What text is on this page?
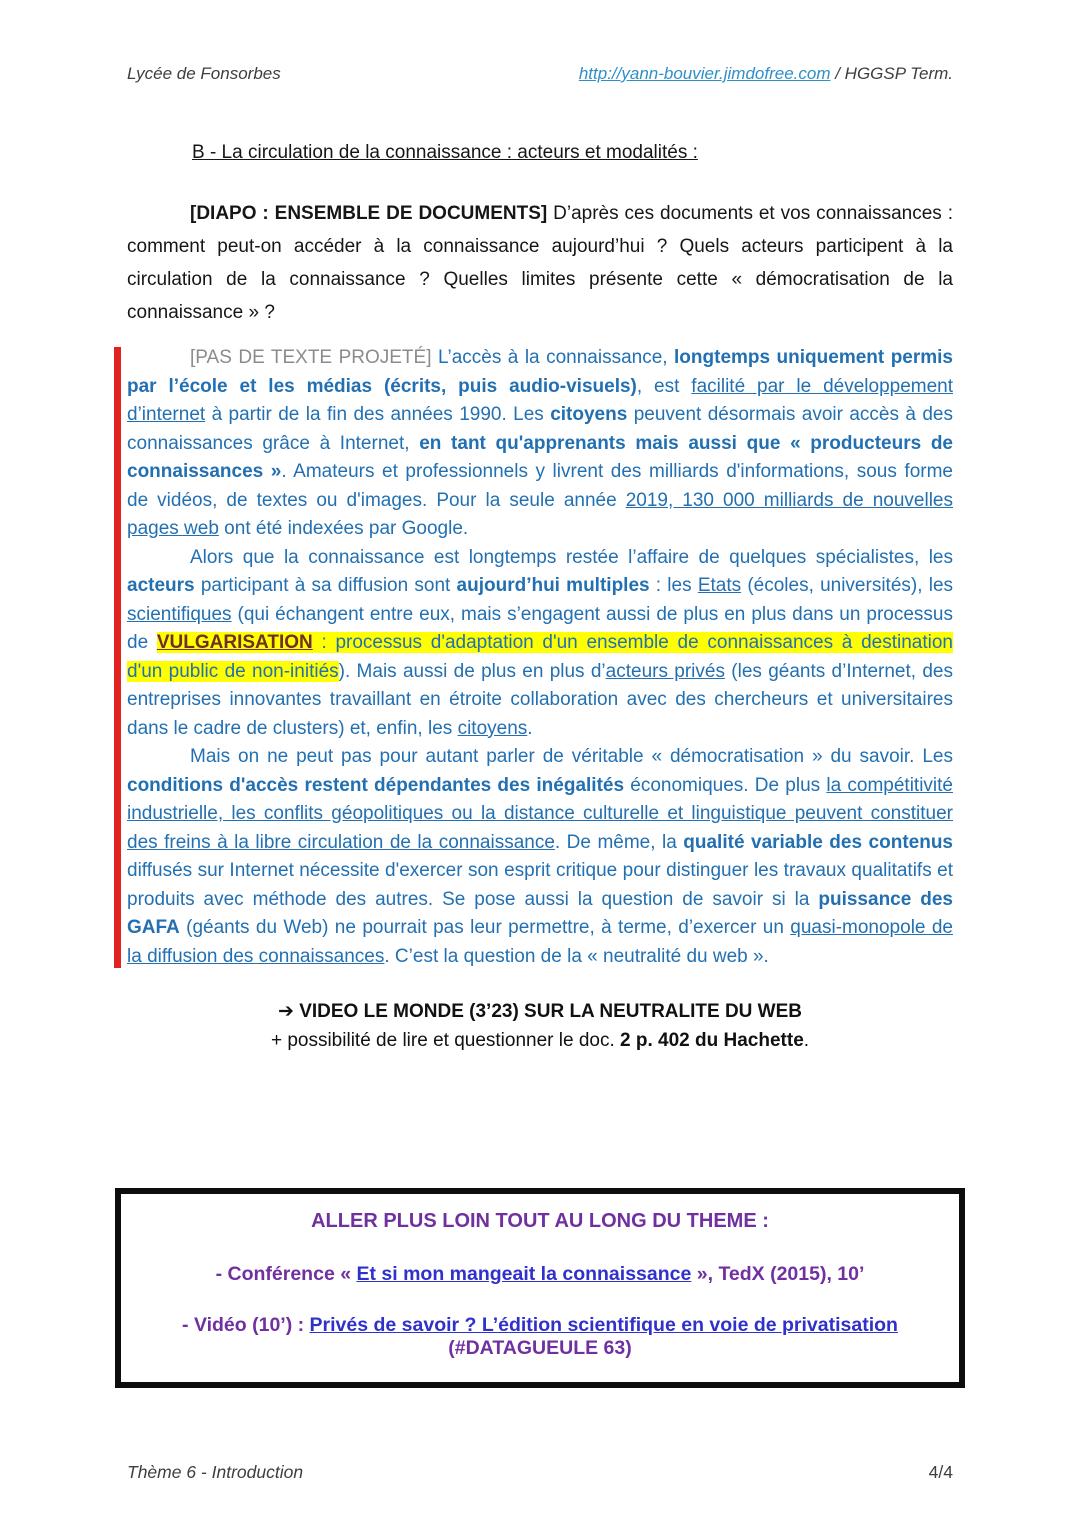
Lycée de Fonsorbes	http://yann-bouvier.jimdofree.com / HGGSP Term.
B - La circulation de la connaissance : acteurs et modalités :

[DIAPO : ENSEMBLE DE DOCUMENTS] D’après ces documents et vos connaissances : comment peut-on accéder à la connaissance aujourd’hui ? Quels acteurs participent à la circulation de la connaissance ? Quelles limites présente cette « démocratisation de la connaissance » ?

[PAS DE TEXTE PROJETÉ] L’accès à la connaissance, longtemps uniquement permis par l’école et les médias (écrits, puis audio-visuels), est facilité par le développement d’internet à partir de la fin des années 1990. Les citoyens peuvent désormais avoir accès à des connaissances grâce à Internet, en tant qu'apprenants mais aussi que « producteurs de connaissances ». Amateurs et professionnels y livrent des milliards d'informations, sous forme de vidéos, de textes ou d'images. Pour la seule année 2019, 130 000 milliards de nouvelles pages web ont été indexées par Google.

Alors que la connaissance est longtemps restée l’affaire de quelques spécialistes, les acteurs participant à sa diffusion sont aujourd’hui multiples : les Etats (écoles, universités), les scientifiques (qui échangent entre eux, mais s’engagent aussi de plus en plus dans un processus de VULGARISATION : processus d'adaptation d'un ensemble de connaissances à destination d'un public de non-initiés). Mais aussi de plus en plus d’acteurs privés (les géants d’Internet, des entreprises innovantes travaillant en étroite collaboration avec des chercheurs et universitaires dans le cadre de clusters) et, enfin, les citoyens.

Mais on ne peut pas pour autant parler de véritable « démocratisation » du savoir. Les conditions d'accès restent dépendantes des inégalités économiques. De plus la compétitivité industrielle, les conflits géopolitiques ou la distance culturelle et linguistique peuvent constituer des freins à la libre circulation de la connaissance. De même, la qualité variable des contenus diffusés sur Internet nécessite d'exercer son esprit critique pour distinguer les travaux qualitatifs et produits avec méthode des autres. Se pose aussi la question de savoir si la puissance des GAFA (géants du Web) ne pourrait pas leur permettre, à terme, d’exercer un quasi-monopole de la diffusion des connaissances. C’est la question de la « neutralité du web ».

➔ VIDEO LE MONDE (3’23) SUR LA NEUTRALITE DU WEB

+ possibilité de lire et questionner le doc. 2 p. 402 du Hachette.

ALLER PLUS LOIN TOUT AU LONG DU THEME :

- Conférence « Et si mon mangeait la connaissance », TedX (2015), 10’

- Vidéo (10’) : Privés de savoir ? L’édition scientifique en voie de privatisation (#DATAGUEULE 63)

Thème 6 - Introduction	4/4
